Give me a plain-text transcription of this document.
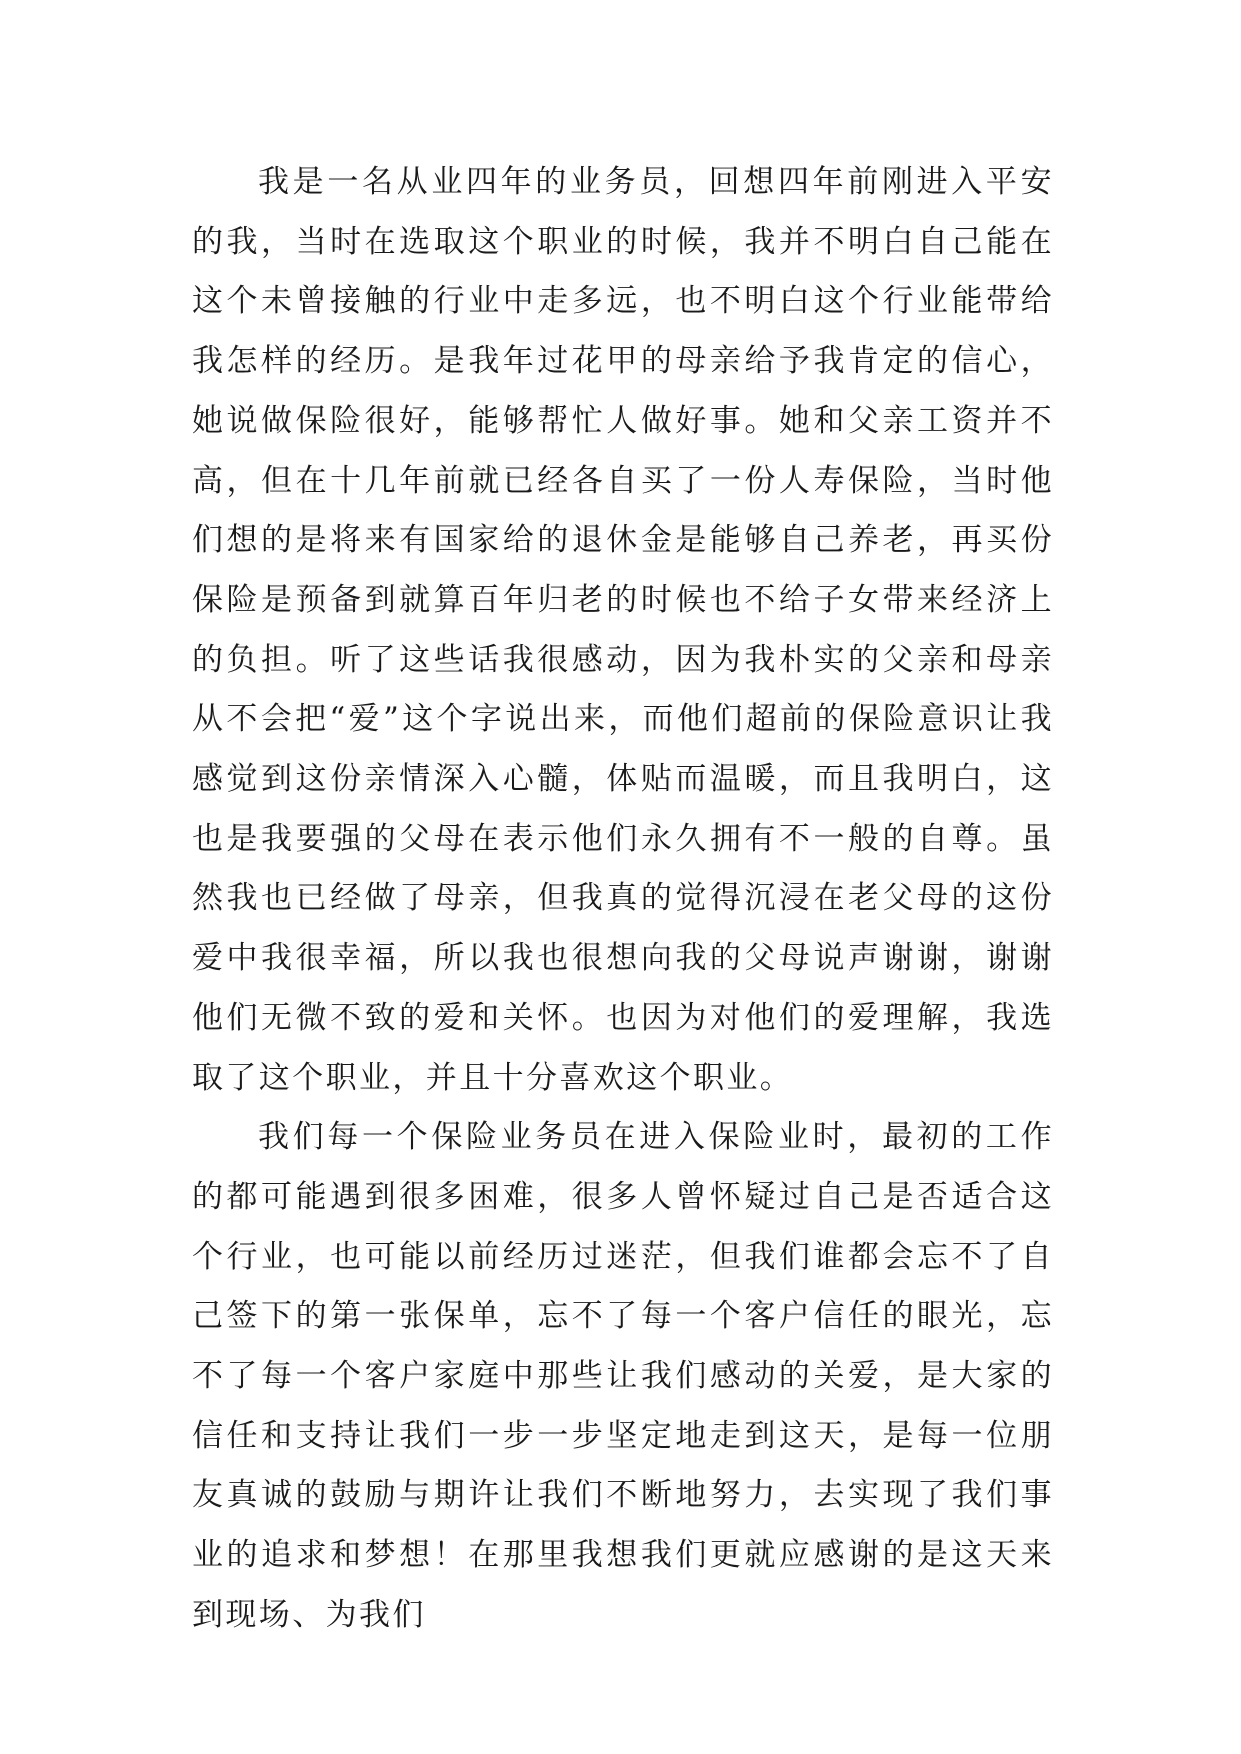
我是一名从业四年的业务员，回想四年前刚进入平安的我，当时在选取这个职业的时候，我并不明白自己能在这个未曾接触的行业中走多远，也不明白这个行业能带给我怎样的经历。是我年过花甲的母亲给予我肯定的信心，她说做保险很好，能够帮忙人做好事。她和父亲工资并不高，但在十几年前就已经各自买了一份人寿保险，当时他们想的是将来有国家给的退休金是能够自己养老，再买份保险是预备到就算百年归老的时候也不给子女带来经济上的负担。听了这些话我很感动，因为我朴实的父亲和母亲从不会把“爱”这个字说出来，而他们超前的保险意识让我感觉到这份亲情深入心髓，体贴而温暖，而且我明白，这也是我要强的父母在表示他们永久拥有不一般的自尊。虽然我也已经做了母亲，但我真的觉得沉浸在老父母的这份爱中我很幸福，所以我也很想向我的父母说声谢谢，谢谢他们无微不致的爱和关怀。也因为对他们的爱理解，我选取了这个职业，并且十分喜欢这个职业。

我们每一个保险业务员在进入保险业时，最初的工作的都可能遇到很多困难，很多人曾怀疑过自己是否适合这个行业，也可能以前经历过迷茫，但我们谁都会忘不了自己签下的第一张保单，忘不了每一个客户信任的眼光，忘不了每一个客户家庭中那些让我们感动的关爱，是大家的信任和支持让我们一步一步坚定地走到这天，是每一位朋友真诚的鼓励与期许让我们不断地努力，去实现了我们事业的追求和梦想！在那里我想我们更就应感谢的是这天来到现场、为我们
